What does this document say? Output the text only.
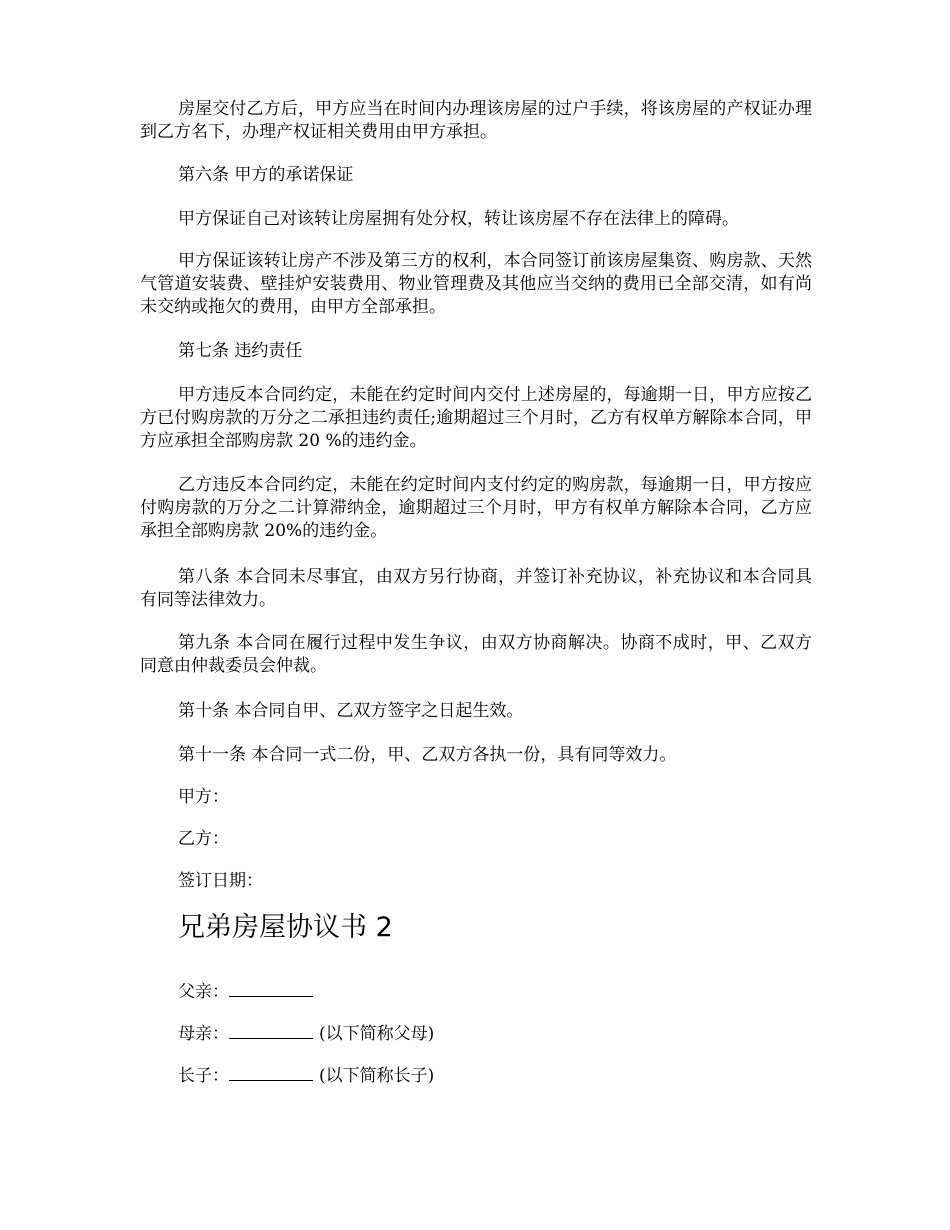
房屋交付乙方后，甲方应当在时间内办理该房屋的过户手续，将该房屋的产权证办理到乙方名下，办理产权证相关费用由甲方承担。

第六条 甲方的承诺保证

甲方保证自己对该转让房屋拥有处分权，转让该房屋不存在法律上的障碍。

甲方保证该转让房产不涉及第三方的权利，本合同签订前该房屋集资、购房款、天然气管道安装费、壁挂炉安装费用、物业管理费及其他应当交纳的费用已全部交清，如有尚未交纳或拖欠的费用，由甲方全部承担。

第七条 违约责任

甲方违反本合同约定，未能在约定时间内交付上述房屋的，每逾期一日，甲方应按乙方已付购房款的万分之二承担违约责任;逾期超过三个月时，乙方有权单方解除本合同，甲方应承担全部购房款 20 %的违约金。

乙方违反本合同约定，未能在约定时间内支付约定的购房款，每逾期一日，甲方按应付购房款的万分之二计算滞纳金，逾期超过三个月时，甲方有权单方解除本合同，乙方应承担全部购房款 20%的违约金。

第八条 本合同未尽事宜，由双方另行协商，并签订补充协议，补充协议和本合同具有同等法律效力。

第九条 本合同在履行过程中发生争议，由双方协商解决。协商不成时，甲、乙双方同意由仲裁委员会仲裁。

第十条 本合同自甲、乙双方签字之日起生效。

第十一条 本合同一式二份，甲、乙双方各执一份，具有同等效力。

甲方：

乙方：

签订日期：

兄弟房屋协议书 2

父亲：

母亲：	(以下简称父母)

长子：	(以下简称长子)
